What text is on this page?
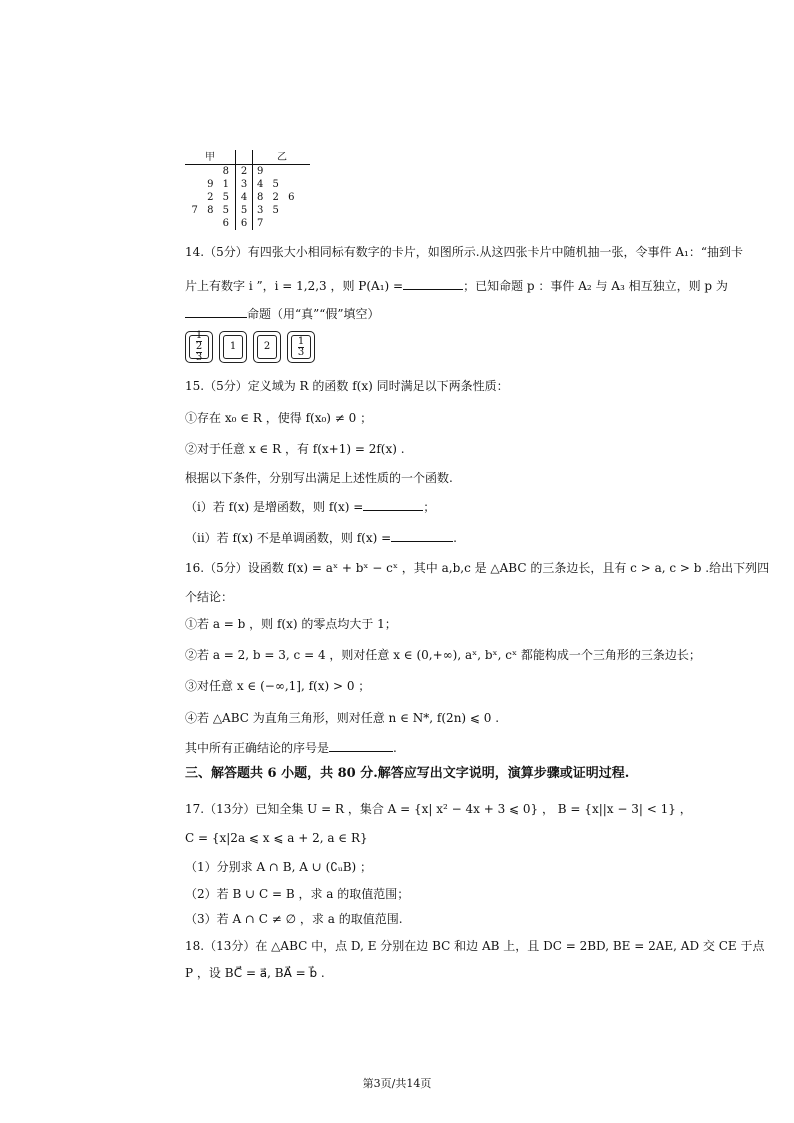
甲		乙
8	2	9
9 1	3	4 5
2 5	4	8 2 6
7 8 5	5	3 5
6	6	7
14.（5分）有四张大小相同标有数字的卡片，如图所示.从这四张卡片中随机抽一张，令事件 A₁：“抽到卡
片上有数字 i ”，i = 1,2,3 ，则 P(A₁) =	；已知命题 p ：事件 A₂ 与 A₃ 相互独立，则 p 为
命题（用“真”“假”填空）
1
2
3
1	2	1
3
15.（5分）定义域为 R 的函数 f(x) 同时满足以下两条性质：
①存在 x₀ ∈ R ，使得 f(x₀) ≠ 0 ；
②对于任意 x ∈ R ，有 f(x+1) = 2f(x) .
根据以下条件，分别写出满足上述性质的一个函数.
（i）若 f(x) 是增函数，则 f(x) =	；
（ii）若 f(x) 不是单调函数，则 f(x) =	.
16.（5分）设函数 f(x) = aˣ + bˣ − cˣ ，其中 a,b,c 是 △ABC 的三条边长，且有 c > a, c > b .给出下列四
个结论：
①若 a = b ，则 f(x) 的零点均大于 1；
②若 a = 2, b = 3, c = 4 ，则对任意 x ∈ (0,+∞), aˣ, bˣ, cˣ 都能构成一个三角形的三条边长；
③对任意 x ∈ (−∞,1], f(x) > 0 ；
④若 △ABC 为直角三角形，则对任意 n ∈ N*, f(2n) ⩽ 0 .
其中所有正确结论的序号是	.
三、解答题共 6 小题，共 80 分.解答应写出文字说明，演算步骤或证明过程.
17.（13分）已知全集 U = R ，集合 A = {x| x² − 4x + 3 ⩽ 0} ， B = {x||x − 3| < 1} ，
C = {x|2a ⩽ x ⩽ a + 2, a ∈ R}
（1）分别求 A ∩ B, A ∪ (∁ᵤB) ；
（2）若 B ∪ C = B ，求 a 的取值范围；
（3）若 A ∩ C ≠ ∅ ，求 a 的取值范围.
18.（13分）在 △ABC 中，点 D, E 分别在边 BC 和边 AB 上，且 DC = 2BD, BE = 2AE, AD 交 CE 于点
P ，设 BC⃗ = a⃗, BA⃗ = b⃗ .
第3页/共14页
